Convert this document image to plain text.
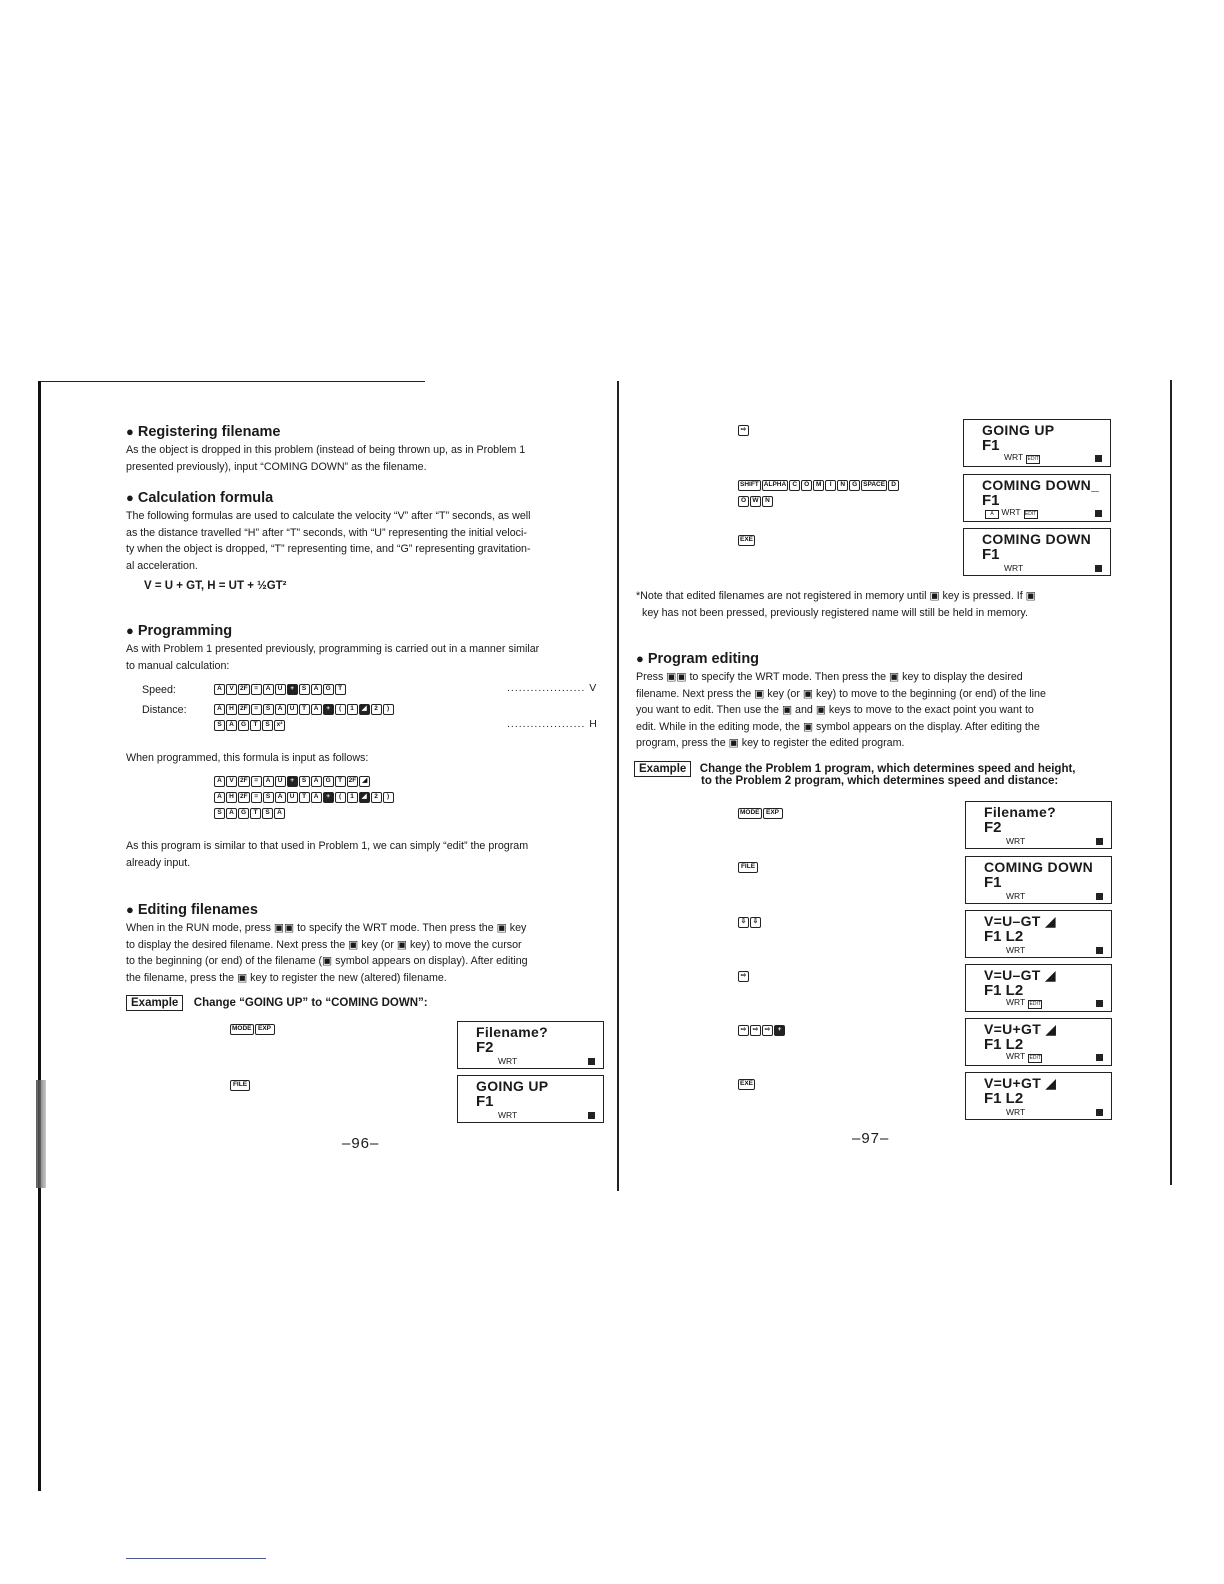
● Registering filename
As the object is dropped in this problem (instead of being thrown up, as in Problem 1
presented previously), input “COMING DOWN” as the filename.
● Calculation formula
The following formulas are used to calculate the velocity “V” after “T” seconds, as well
as the distance travelled “H” after “T” seconds, with “U” representing the initial veloci-
ty when the object is dropped, “T” representing time, and “G” representing gravitation-
al acceleration.
V = U + GT, H = UT + ½GT²
● Programming
As with Problem 1 presented previously, programming is carried out in a manner similar
to manual calculation:
Speed:	A	V 2F	=	A	U	+	S	A	G	T	.................... V
Distance:	A	H 2F	=	S	A	U	T	A	+	(	1	◢	2	)
S	A	G	T	S	x²	.................... H
When programmed, this formula is input as follows:
A	V 2F	=	A	U	+	S	A	G	T	2F ◢
A	H 2F	=	S	A	U	T	A	+	(	1	◢	2	)
S	A	G	T	S	A
As this program is similar to that used in Problem 1, we can simply “edit” the program
already input.
● Editing filenames
When in the RUN mode, press ▣▣ to specify the WRT mode. Then press the ▣ key
to display the desired filename. Next press the ▣ key (or ▣ key) to move the cursor
to the beginning (or end) of the filename (▣ symbol appears on display). After editing
the filename, press the ▣ key to register the new (altered) filename.
Example Change “GOING UP” to “COMING DOWN”:
MODE EXP	Filename?
F2
WRT
FILE	GOING UP
F1
WRT
–96–
⇨	GOING UP
F1
WRT EDIT
SHIFT ALPHA C	O	M	I	N	G SPACE D
O W	N
COMING DOWN_
F1
A WRT EDIT
EXE	COMING DOWN
F1
WRT
*Note that edited filenames are not registered in memory until ▣ key is pressed. If ▣
key has not been pressed, previously registered name will still be held in memory.
● Program editing
Press ▣▣ to specify the WRT mode. Then press the ▣ key to display the desired
filename. Next press the ▣ key (or ▣ key) to move to the beginning (or end) of the line
you want to edit. Then use the ▣ and ▣ keys to move to the exact point you want to
edit. While in the editing mode, the ▣ symbol appears on the display. After editing the
program, press the ▣ key to register the edited program.
Example Change the Problem 1 program, which determines speed and height,
to the Problem 2 program, which determines speed and distance:
MODE EXP	Filename?
F2
WRT
FILE	COMING DOWN
F1
WRT
⇩	⇩	V=U–GT ◢
F1 L2
WRT
⇨	V=U–GT ◢
F1 L2
WRT EDIT
⇨	⇨	⇨	+	V=U+GT ◢
F1 L2
WRT EDIT
EXE	V=U+GT ◢
F1 L2
WRT
–97–
